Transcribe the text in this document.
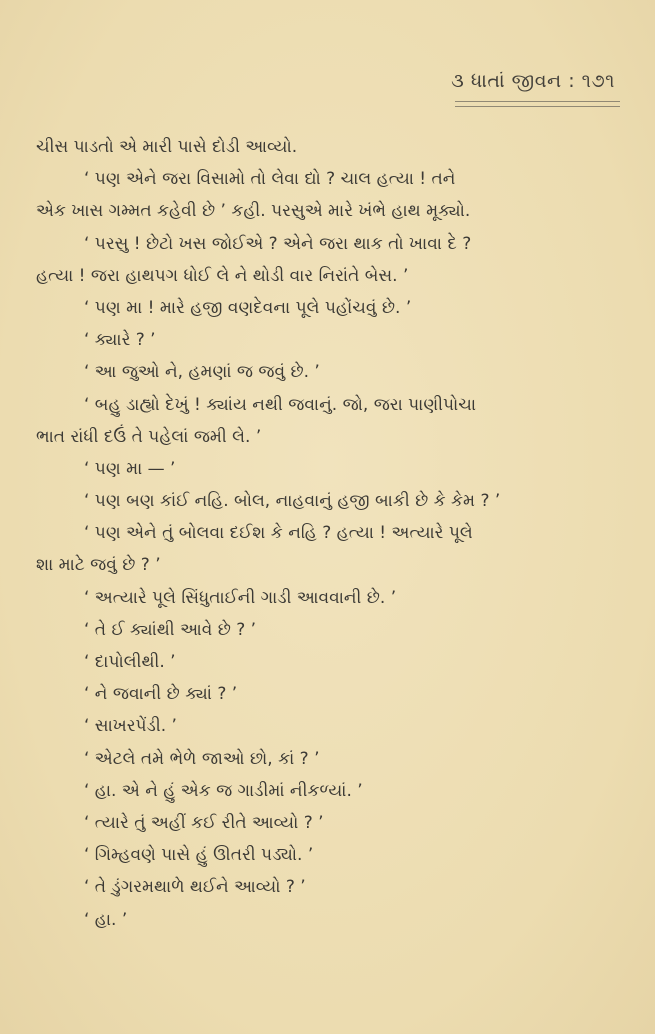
૩ ધાતાં જીવન : ૧૭૧
ચીસ પાડતો એ મારી પાસે દોડી આવ્યો.
‘ પણ એને જરા વિસામો તો લેવા દ્યો ? ચાલ હત્યા ! તને
એક ખાસ ગમ્મત કહેવી છે ’ કહી. પરસુએ મારે ખંભે હાથ મૂક્યો.
‘ પરસુ ! છેટો ખસ જોઈએ ? એને જરા થાક તો ખાવા દે ?
હત્યા ! જરા હાથપગ ધોઈ લે ને થોડી વાર નિરાંતે બેસ. ’
‘ પણ મા ! મારે હજી વણદેવના પૂલે પહોંચવું છે. ’
‘ ક્યારે ? ’
‘ આ જુઓ ને, હમણાં જ જવું છે. ’
‘ બહુ ડાહ્યો દેખું ! ક્યાંય નથી જવાનું. જો, જરા પાણીપોચા
ભાત રાંધી દઉં તે પહેલાં જમી લે. ’
‘ પણ મા — ’
‘ પણ બણ કાંઈ નહિ. બોલ, નાહવાનું હજી બાકી છે કે કેમ ? ’
‘ પણ એને તું બોલવા દઈશ કે નહિ ? હત્યા ! અત્યારે પૂલે
શા માટે જવું છે ? ’
‘ અત્યારે પૂલે સિંધુતાઈની ગાડી આવવાની છે. ’
‘ તે ઈ ક્યાંથી આવે છે ? ’
‘ દાપોલીથી. ’
‘ ને જવાની છે ક્યાં ? ’
‘ સાખરપેંડી. ’
‘ એટલે તમે ભેળે જાઓ છો, કાં ? ’
‘ હા. એ ને હું એક જ ગાડીમાં નીકળ્યાં. ’
‘ ત્યારે તું અહીં કઈ રીતે આવ્યો ? ’
‘ ગિમ્હવણે પાસે હું ઊતરી પડ્યો. ’
‘ તે ડુંગરમથાળે થઈને આવ્યો ? ’
‘ હા. ’
